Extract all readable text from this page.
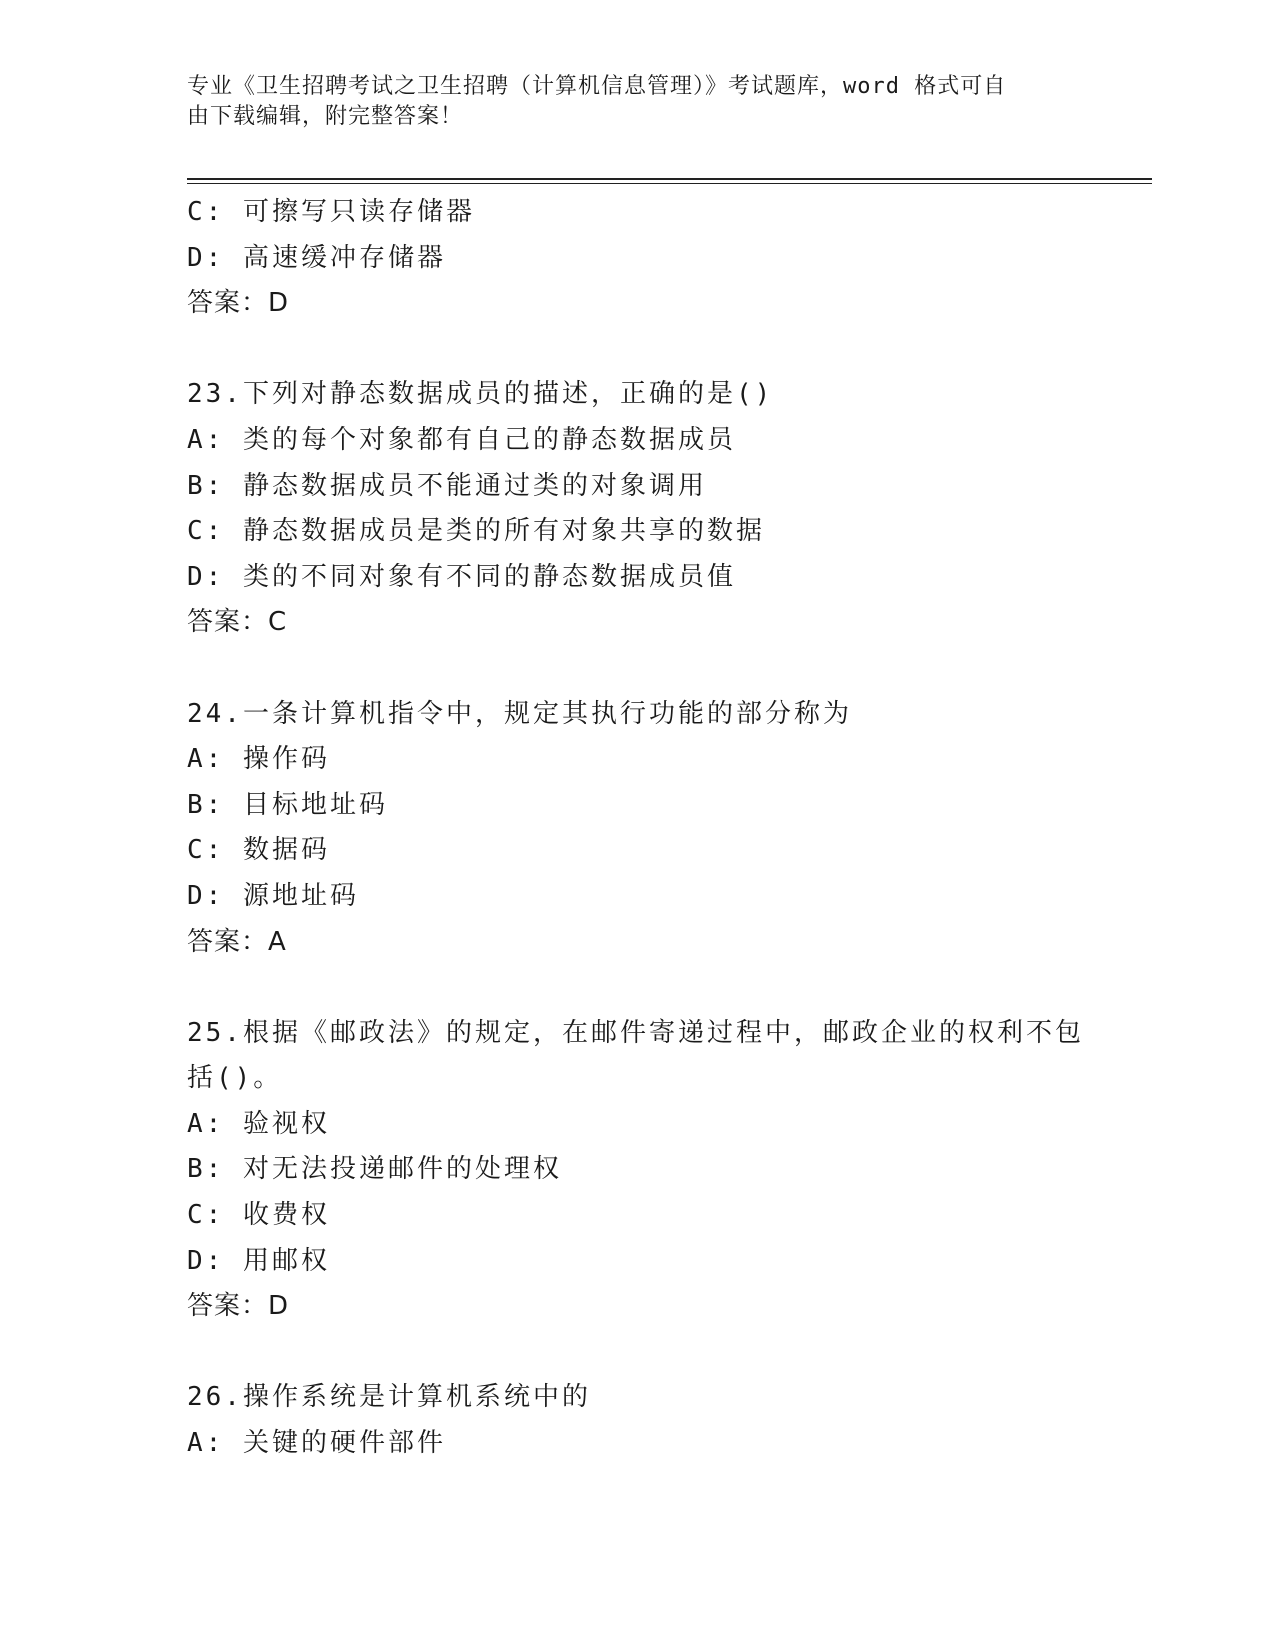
专业《卫生招聘考试之卫生招聘（计算机信息管理）》考试题库，word 格式可自
由下载编辑，附完整答案！
C: 可擦写只读存储器
D: 高速缓冲存储器
答案：D
23.下列对静态数据成员的描述，正确的是()
A: 类的每个对象都有自己的静态数据成员
B: 静态数据成员不能通过类的对象调用
C: 静态数据成员是类的所有对象共享的数据
D: 类的不同对象有不同的静态数据成员值
答案：C
24.一条计算机指令中，规定其执行功能的部分称为
A: 操作码
B: 目标地址码
C: 数据码
D: 源地址码
答案：A
25.根据《邮政法》的规定，在邮件寄递过程中，邮政企业的权利不包
括()。
A: 验视权
B: 对无法投递邮件的处理权
C: 收费权
D: 用邮权
答案：D
26.操作系统是计算机系统中的
A: 关键的硬件部件
